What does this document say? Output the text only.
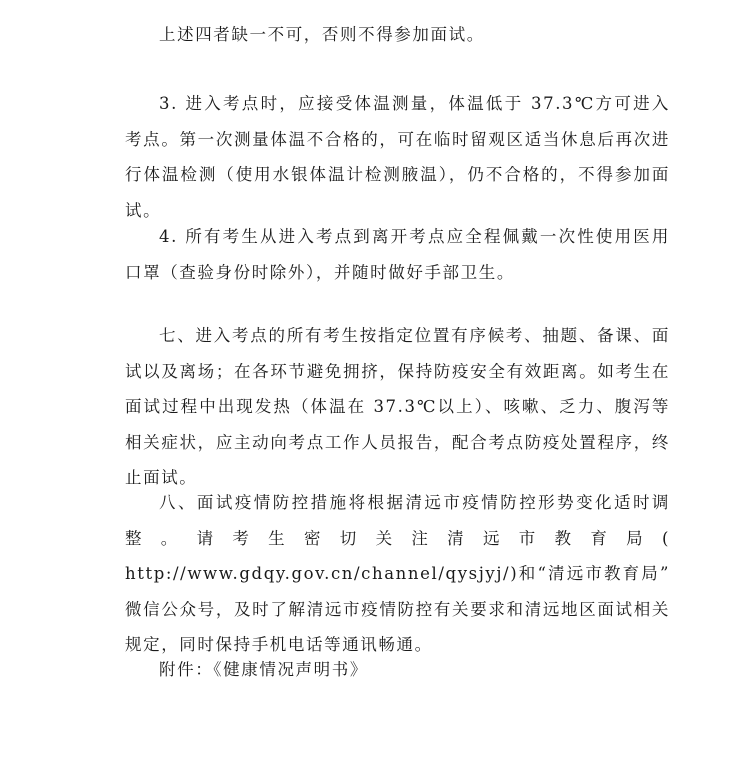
上述四者缺一不可，否则不得参加面试。

3. 进入考点时，应接受体温测量，体温低于 37.3℃方可进入考点。第一次测量体温不合格的，可在临时留观区适当休息后再次进行体温检测（使用水银体温计检测腋温），仍不合格的，不得参加面试。

4. 所有考生从进入考点到离开考点应全程佩戴一次性使用医用口罩（查验身份时除外），并随时做好手部卫生。

七、进入考点的所有考生按指定位置有序候考、抽题、备课、面试以及离场；在各环节避免拥挤，保持防疫安全有效距离。如考生在面试过程中出现发热（体温在 37.3℃以上）、咳嗽、乏力、腹泻等相关症状，应主动向考点工作人员报告，配合考点防疫处置程序，终止面试。

八、面试疫情防控措施将根据清远市疫情防控形势变化适时调整。请考生密切关注清远市教育局( http://www.gdqy.gov.cn/channel/qysjyj/)和“清远市教育局” 微信公众号，及时了解清远市疫情防控有关要求和清远地区面试相关规定，同时保持手机电话等通讯畅通。

附件：《健康情况声明书》
